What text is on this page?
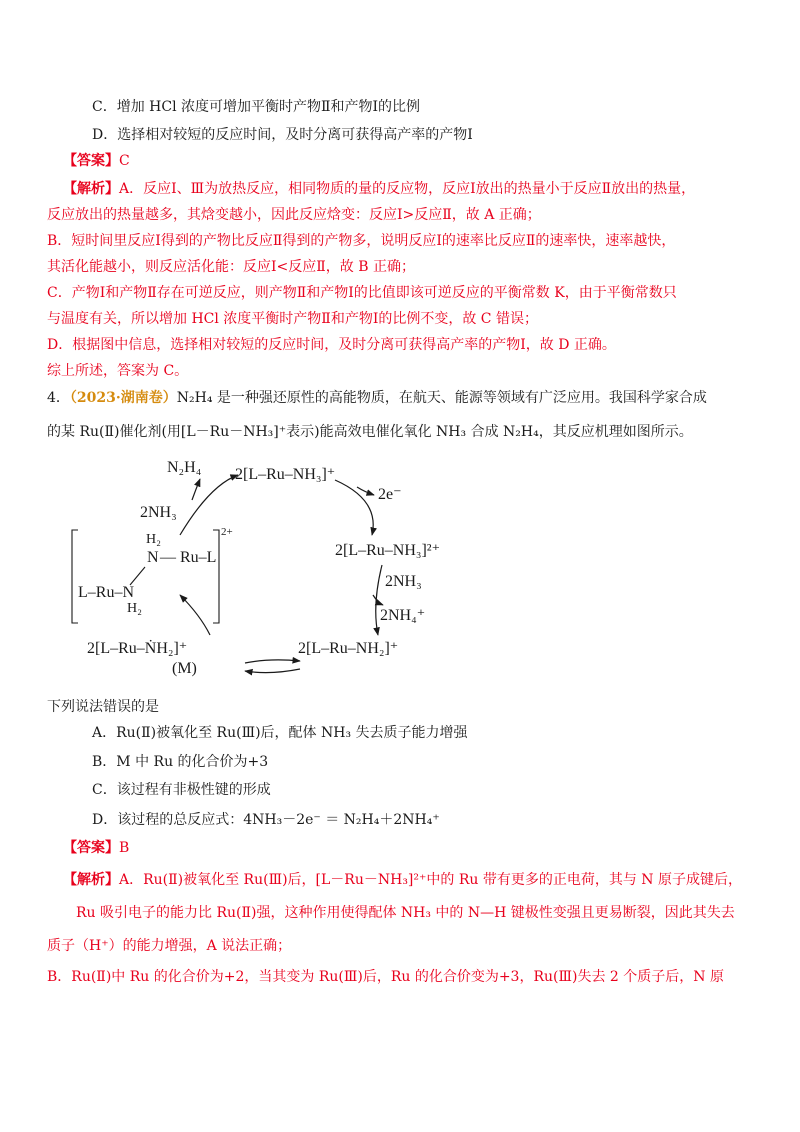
C．增加 HCl 浓度可增加平衡时产物Ⅱ和产物Ⅰ的比例
D．选择相对较短的反应时间，及时分离可获得高产率的产物Ⅰ
【答案】C
【解析】A．反应Ⅰ、Ⅲ为放热反应，相同物质的量的反应物，反应Ⅰ放出的热量小于反应Ⅱ放出的热量，
反应放出的热量越多，其焓变越小，因此反应焓变：反应Ⅰ>反应Ⅱ，故 A 正确；
B．短时间里反应Ⅰ得到的产物比反应Ⅱ得到的产物多，说明反应Ⅰ的速率比反应Ⅱ的速率快，速率越快，
其活化能越小，则反应活化能：反应Ⅰ<反应Ⅱ，故 B 正确；
C．产物Ⅰ和产物Ⅱ存在可逆反应，则产物Ⅱ和产物Ⅰ的比值即该可逆反应的平衡常数 K，由于平衡常数只
与温度有关，所以增加 HCl 浓度平衡时产物Ⅱ和产物Ⅰ的比例不变，故 C 错误；
D．根据图中信息，选择相对较短的反应时间，及时分离可获得高产率的产物Ⅰ，故 D 正确。
综上所述，答案为 C。
4．（2023·湖南卷）N₂H₄ 是一种强还原性的高能物质，在航天、能源等领域有广泛应用。我国科学家合成
的某 Ru(Ⅱ)催化剂(用[L－Ru－NH₃]⁺表示)能高效电催化氧化 NH₃ 合成 N₂H₄，其反应机理如图所示。
N₂H₄ 2[L–Ru–NH₃]⁺
2e⁻
2NH₃
2[L–Ru–NH₃]²⁺
2NH₃
2NH₄⁺
2[L–Ru–ṄH₂]⁺
(M)
2[L–Ru–NH₂]⁺
2+
H₂
N — Ru–L
L–Ru–N
H₂
下列说法错误的是
A．Ru(Ⅱ)被氧化至 Ru(Ⅲ)后，配体 NH₃ 失去质子能力增强
B．M 中 Ru 的化合价为+3
C．该过程有非极性键的形成
D．该过程的总反应式：4NH₃－2e⁻ ＝ N₂H₄＋2NH₄⁺
【答案】B
【解析】A．Ru(Ⅱ)被氧化至 Ru(Ⅲ)后，[L－Ru－NH₃]²⁺中的 Ru 带有更多的正电荷，其与 N 原子成键后，
Ru 吸引电子的能力比 Ru(Ⅱ)强，这种作用使得配体 NH₃ 中的 N—H 键极性变强且更易断裂，因此其失去
质子（H⁺）的能力增强，A 说法正确；
B．Ru(Ⅱ)中 Ru 的化合价为+2，当其变为 Ru(Ⅲ)后，Ru 的化合价变为+3，Ru(Ⅲ)失去 2 个质子后，N 原
